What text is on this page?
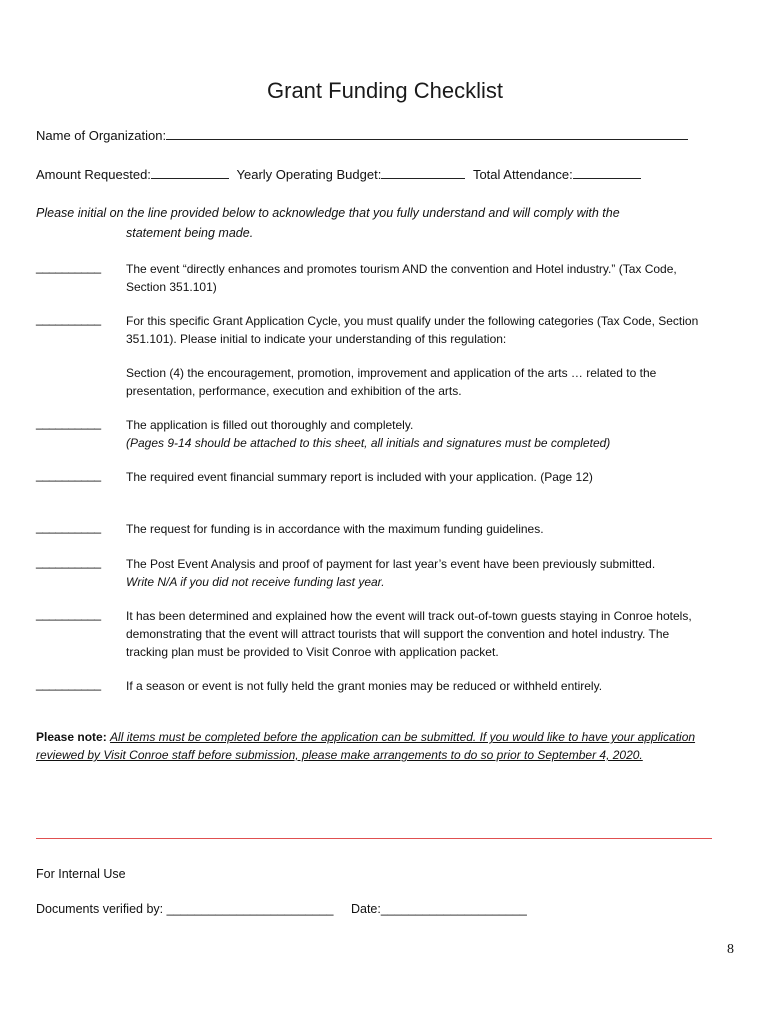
Grant Funding Checklist
Name of Organization:
Amount Requested:	Yearly Operating Budget:	Total Attendance:
Please initial on the line provided below to acknowledge that you fully understand and will comply with the
statement being made.
__________ The event “directly enhances and promotes tourism AND the convention and Hotel industry.” (Tax Code,
Section 351.101)
__________ For this specific Grant Application Cycle, you must qualify under the following categories (Tax Code, Section
351.101). Please initial to indicate your understanding of this regulation:
Section (4) the encouragement, promotion, improvement and application of the arts … related to the
presentation, performance, execution and exhibition of the arts.
__________ The application is filled out thoroughly and completely.
(Pages 9-14 should be attached to this sheet, all initials and signatures must be completed)
__________ The required event financial summary report is included with your application. (Page 12)
__________ The request for funding is in accordance with the maximum funding guidelines.
__________ The Post Event Analysis and proof of payment for last year’s event have been previously submitted.
Write N/A if you did not receive funding last year.
__________ It has been determined and explained how the event will track out-of-town guests staying in Conroe hotels,
demonstrating that the event will attract tourists that will support the convention and hotel industry. The
tracking plan must be provided to Visit Conroe with application packet.
__________ If a season or event is not fully held the grant monies may be reduced or withheld entirely.
Please note: All items must be completed before the application can be submitted. If you would like to have your application
reviewed by Visit Conroe staff before submission, please make arrangements to do so prior to September 4, 2020.
For Internal Use
Documents verified by: ________________________ Date:_____________________
8
